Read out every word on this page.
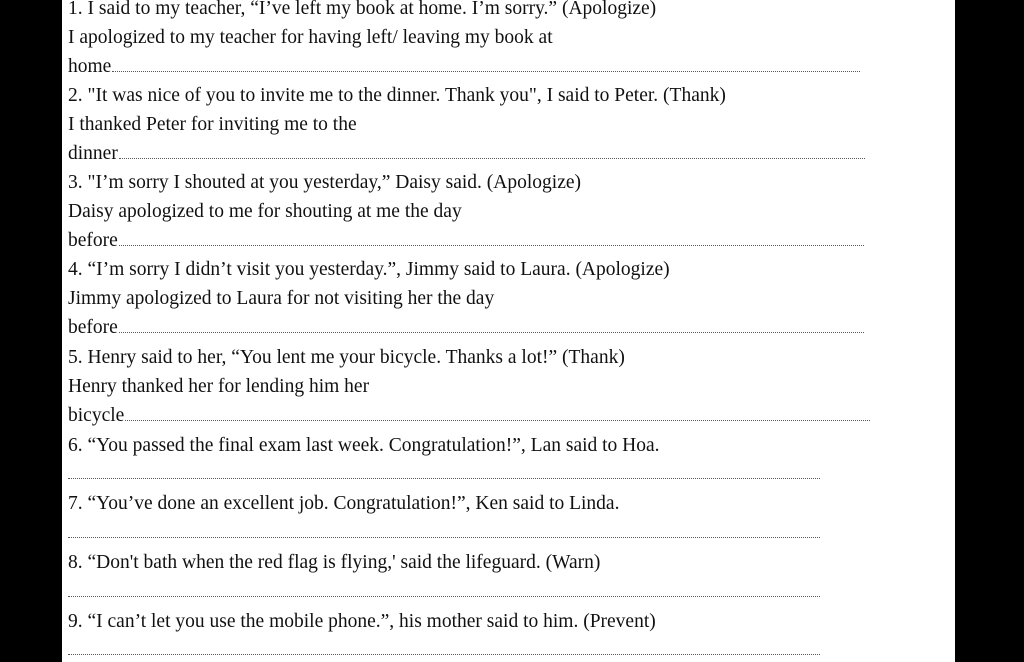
1. I said to my teacher, “I’ve left my book at home. I’m sorry.” (Apologize)

I apologized to my teacher for having left/ leaving my book at

home

2. "It was nice of you to invite me to the dinner. Thank you", I said to Peter. (Thank)

I thanked Peter for inviting me to the

dinner

3. "I’m sorry I shouted at you yesterday,” Daisy said. (Apologize)

Daisy apologized to me for shouting at me the day

before

4. “I’m sorry I didn’t visit you yesterday.”, Jimmy said to Laura. (Apologize)

Jimmy apologized to Laura for not visiting her the day

before

5. Henry said to her, “You lent me your bicycle. Thanks a lot!” (Thank)

Henry thanked her for lending him her

bicycle

6. “You passed the final exam last week. Congratulation!”, Lan said to Hoa.

7. “You’ve done an excellent job. Congratulation!”, Ken said to Linda.

8. “Don't bath when the red flag is flying,' said the lifeguard. (Warn)

9. “I can’t let you use the mobile phone.”, his mother said to him. (Prevent)
